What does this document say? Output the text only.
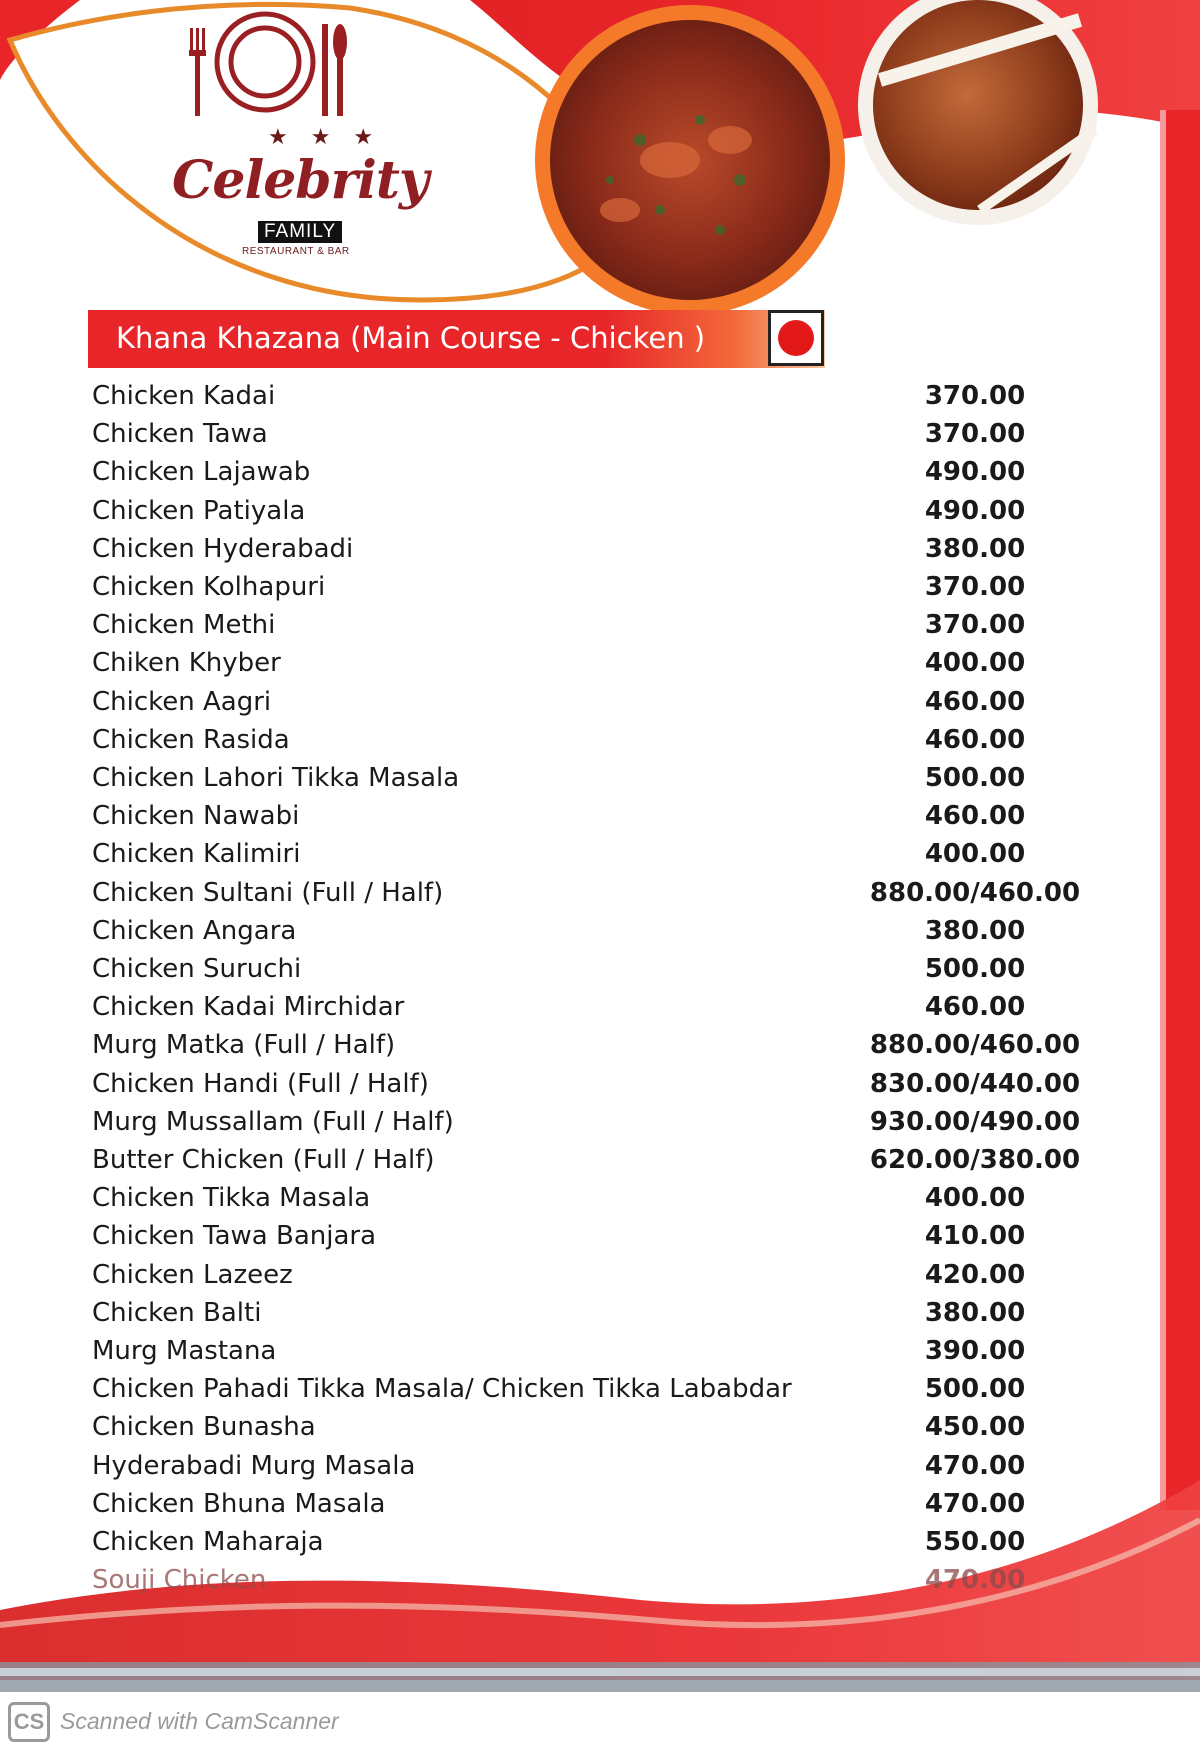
★ ★ ★
Celebrity
FAMILY
RESTAURANT & BAR
Khana Khazana (Main Course - Chicken )
Chicken Kadai	370.00
Chicken Tawa	370.00
Chicken Lajawab	490.00
Chicken Patiyala	490.00
Chicken Hyderabadi	380.00
Chicken Kolhapuri	370.00
Chicken Methi	370.00
Chiken Khyber	400.00
Chicken Aagri	460.00
Chicken Rasida	460.00
Chicken Lahori Tikka Masala	500.00
Chicken Nawabi	460.00
Chicken Kalimiri	400.00
Chicken Sultani (Full / Half)	880.00/460.00
Chicken Angara	380.00
Chicken Suruchi	500.00
Chicken Kadai Mirchidar	460.00
Murg Matka (Full / Half)	880.00/460.00
Chicken Handi (Full / Half)	830.00/440.00
Murg Mussallam (Full / Half)	930.00/490.00
Butter Chicken (Full / Half)	620.00/380.00
Chicken Tikka Masala	400.00
Chicken Tawa Banjara	410.00
Chicken Lazeez	420.00
Chicken Balti	380.00
Murg Mastana	390.00
Chicken Pahadi Tikka Masala/ Chicken Tikka Lababdar	500.00
Chicken Bunasha	450.00
Hyderabadi Murg Masala	470.00
Chicken Bhuna Masala	470.00
Chicken Maharaja	550.00
Souji Chicken	470.00
CS Scanned with CamScanner
